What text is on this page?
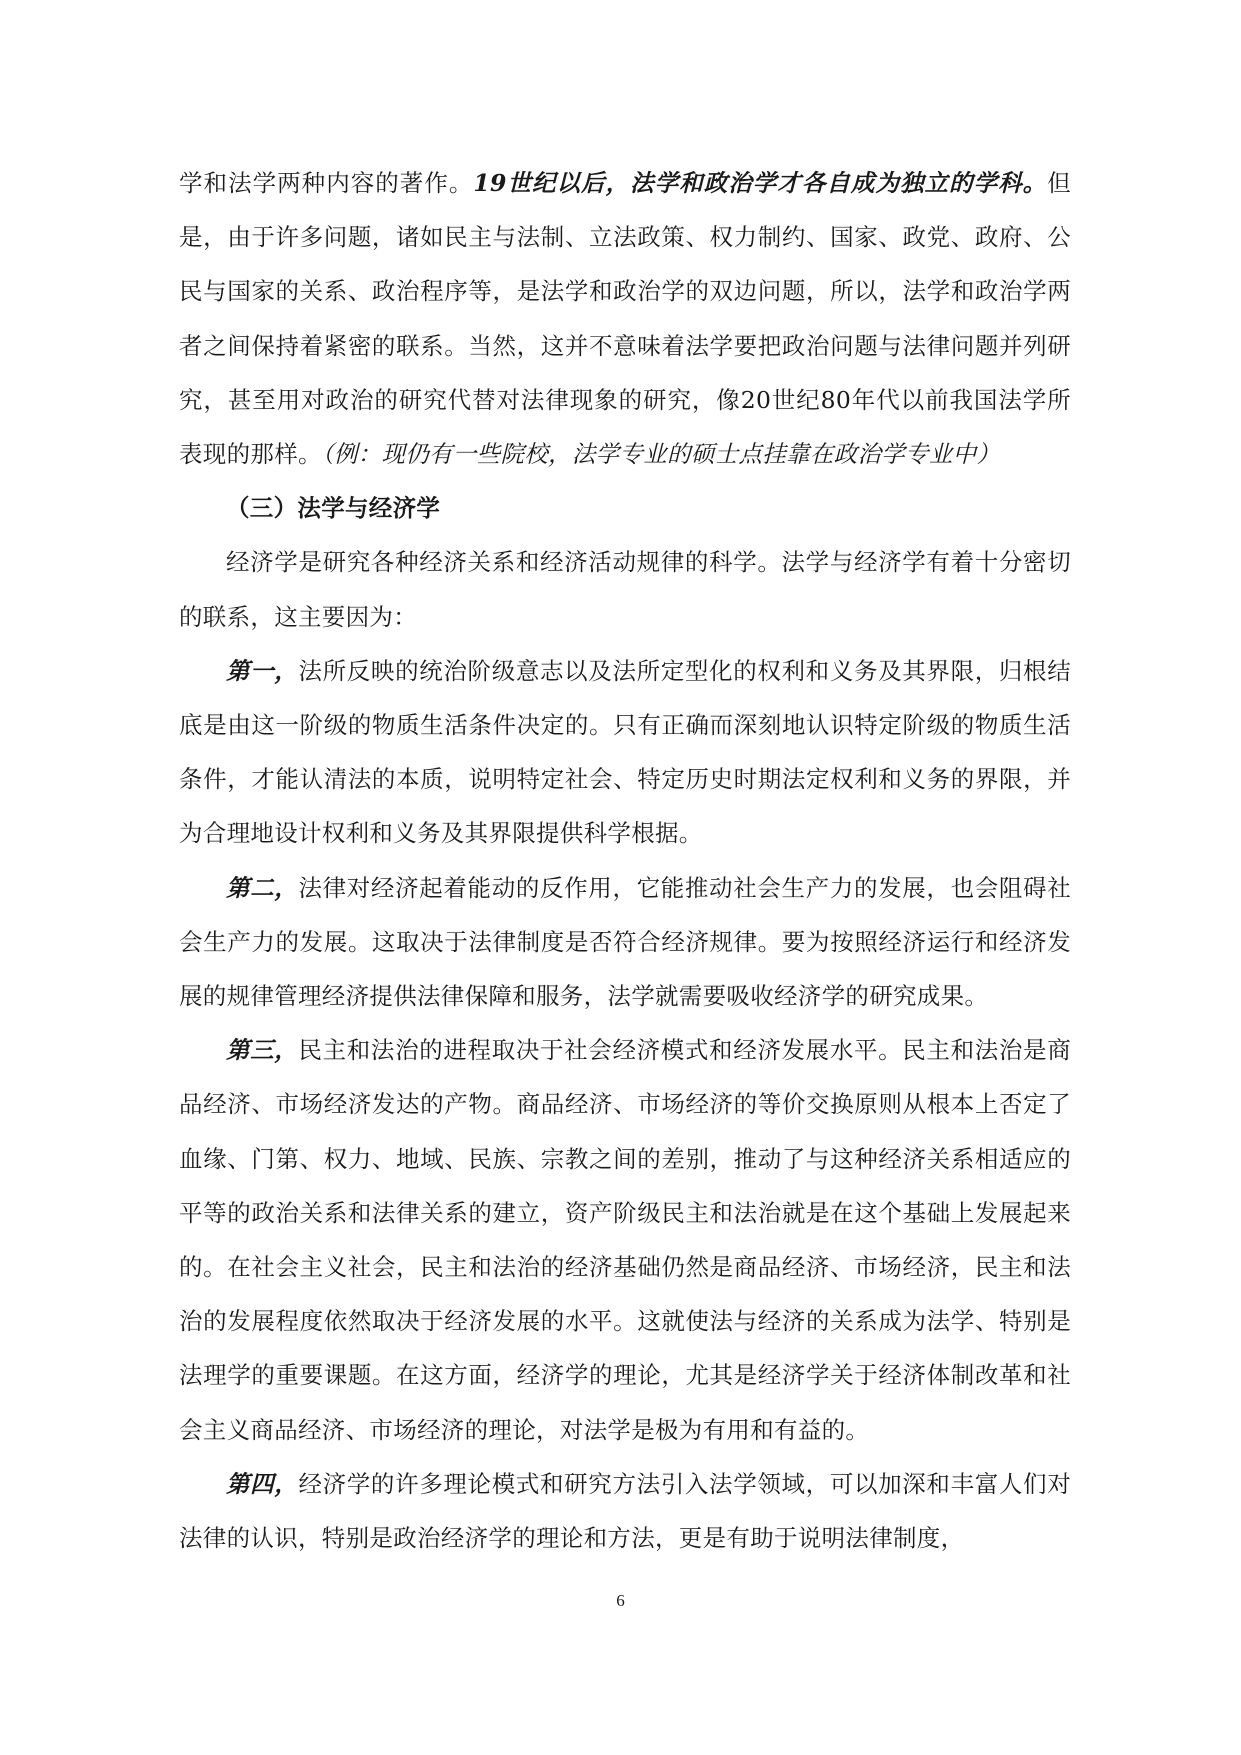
学和法学两种内容的著作。19世纪以后，法学和政治学才各自成为独立的学科。但是，由于许多问题，诸如民主与法制、立法政策、权力制约、国家、政党、政府、公民与国家的关系、政治程序等，是法学和政治学的双边问题，所以，法学和政治学两者之间保持着紧密的联系。当然，这并不意味着法学要把政治问题与法律问题并列研究，甚至用对政治的研究代替对法律现象的研究，像20世纪80年代以前我国法学所表现的那样。（例：现仍有一些院校，法学专业的硕士点挂靠在政治学专业中）

（三）法学与经济学

经济学是研究各种经济关系和经济活动规律的科学。法学与经济学有着十分密切的联系，这主要因为：

第一，法所反映的统治阶级意志以及法所定型化的权利和义务及其界限，归根结底是由这一阶级的物质生活条件决定的。只有正确而深刻地认识特定阶级的物质生活条件，才能认清法的本质，说明特定社会、特定历史时期法定权利和义务的界限，并为合理地设计权利和义务及其界限提供科学根据。

第二，法律对经济起着能动的反作用，它能推动社会生产力的发展，也会阻碍社会生产力的发展。这取决于法律制度是否符合经济规律。要为按照经济运行和经济发展的规律管理经济提供法律保障和服务，法学就需要吸收经济学的研究成果。

第三，民主和法治的进程取决于社会经济模式和经济发展水平。民主和法治是商品经济、市场经济发达的产物。商品经济、市场经济的等价交换原则从根本上否定了血缘、门第、权力、地域、民族、宗教之间的差别，推动了与这种经济关系相适应的平等的政治关系和法律关系的建立，资产阶级民主和法治就是在这个基础上发展起来的。在社会主义社会，民主和法治的经济基础仍然是商品经济、市场经济，民主和法治的发展程度依然取决于经济发展的水平。这就使法与经济的关系成为法学、特别是法理学的重要课题。在这方面，经济学的理论，尤其是经济学关于经济体制改革和社会主义商品经济、市场经济的理论，对法学是极为有用和有益的。

第四，经济学的许多理论模式和研究方法引入法学领域，可以加深和丰富人们对法律的认识，特别是政治经济学的理论和方法，更是有助于说明法律制度，

6
